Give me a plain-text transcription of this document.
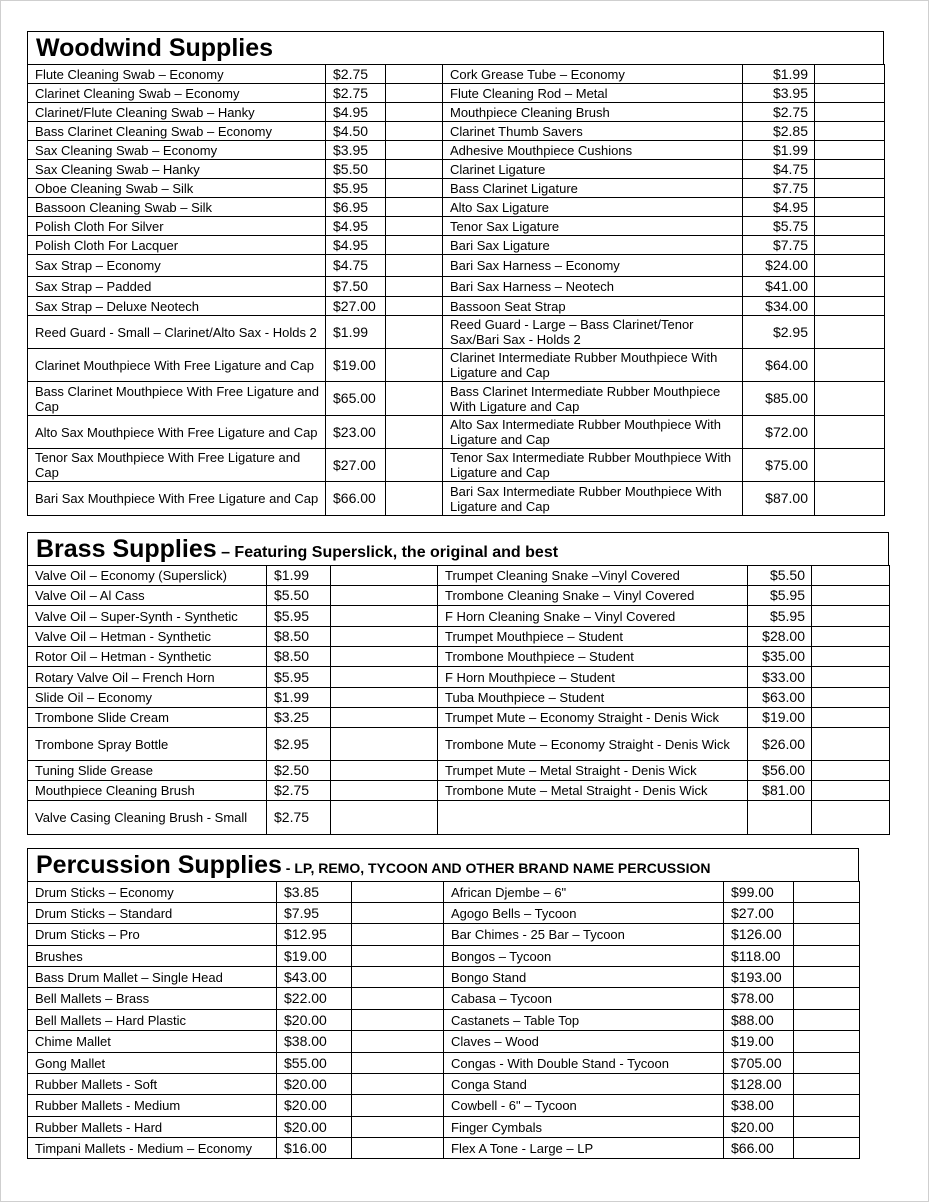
Woodwind Supplies
Flute Cleaning Swab – Economy	$2.75		Cork Grease Tube – Economy	$1.99	
Clarinet Cleaning Swab – Economy	$2.75		Flute Cleaning Rod – Metal	$3.95	
Clarinet/Flute Cleaning Swab – Hanky	$4.95		Mouthpiece Cleaning Brush	$2.75	
Bass Clarinet Cleaning Swab – Economy	$4.50		Clarinet Thumb Savers	$2.85	
Sax Cleaning Swab – Economy	$3.95		Adhesive Mouthpiece Cushions	$1.99	
Sax Cleaning Swab – Hanky	$5.50		Clarinet Ligature	$4.75	
Oboe Cleaning Swab – Silk	$5.95		Bass Clarinet Ligature	$7.75	
Bassoon Cleaning Swab – Silk	$6.95		Alto Sax Ligature	$4.95	
Polish Cloth For Silver	$4.95		Tenor Sax Ligature	$5.75	
Polish Cloth For Lacquer	$4.95		Bari Sax Ligature	$7.75	
Sax Strap – Economy	$4.75		Bari Sax Harness – Economy	$24.00	
Sax Strap – Padded	$7.50		Bari Sax Harness – Neotech	$41.00	
Sax Strap – Deluxe Neotech	$27.00		Bassoon Seat Strap	$34.00	
Reed Guard - Small – Clarinet/Alto Sax - Holds 2	$1.99		Reed Guard - Large – Bass Clarinet/Tenor Sax/Bari Sax - Holds 2	$2.95	
Clarinet Mouthpiece With Free Ligature and Cap	$19.00		Clarinet Intermediate Rubber Mouthpiece With Ligature and Cap	$64.00	
Bass Clarinet Mouthpiece With Free Ligature and Cap	$65.00		Bass Clarinet Intermediate Rubber Mouthpiece With Ligature and Cap	$85.00	
Alto Sax Mouthpiece With Free Ligature and Cap	$23.00		Alto Sax Intermediate Rubber Mouthpiece With Ligature and Cap	$72.00	
Tenor Sax Mouthpiece With Free Ligature and Cap	$27.00		Tenor Sax Intermediate Rubber Mouthpiece With Ligature and Cap	$75.00	
Bari Sax Mouthpiece With Free Ligature and Cap	$66.00		Bari Sax Intermediate Rubber Mouthpiece With Ligature and Cap	$87.00	
Brass Supplies – Featuring Superslick, the original and best
Valve Oil – Economy (Superslick)	$1.99		Trumpet Cleaning Snake –Vinyl Covered	$5.50	
Valve Oil – Al Cass	$5.50		Trombone Cleaning Snake – Vinyl Covered	$5.95	
Valve Oil – Super-Synth - Synthetic	$5.95		F Horn Cleaning Snake – Vinyl Covered	$5.95	
Valve Oil – Hetman - Synthetic	$8.50		Trumpet Mouthpiece – Student	$28.00	
Rotor Oil – Hetman - Synthetic	$8.50		Trombone Mouthpiece – Student	$35.00	
Rotary Valve Oil – French Horn	$5.95		F Horn Mouthpiece – Student	$33.00	
Slide Oil – Economy	$1.99		Tuba Mouthpiece – Student	$63.00	
Trombone Slide Cream	$3.25		Trumpet Mute – Economy Straight - Denis Wick	$19.00	
Trombone Spray Bottle	$2.95		Trombone Mute – Economy Straight - Denis Wick	$26.00	
Tuning Slide Grease	$2.50		Trumpet Mute – Metal Straight - Denis Wick	$56.00	
Mouthpiece Cleaning Brush	$2.75		Trombone Mute – Metal Straight - Denis Wick	$81.00	
Valve Casing Cleaning Brush - Small	$2.75				
Percussion Supplies - LP, REMO, TYCOON AND OTHER BRAND NAME PERCUSSION
Drum Sticks – Economy	$3.85		African Djembe – 6"	$99.00	
Drum Sticks – Standard	$7.95		Agogo Bells – Tycoon	$27.00	
Drum Sticks – Pro	$12.95		Bar Chimes - 25 Bar – Tycoon	$126.00	
Brushes	$19.00		Bongos – Tycoon	$118.00	
Bass Drum Mallet – Single Head	$43.00		Bongo Stand	$193.00	
Bell Mallets – Brass	$22.00		Cabasa – Tycoon	$78.00	
Bell Mallets – Hard Plastic	$20.00		Castanets – Table Top	$88.00	
Chime Mallet	$38.00		Claves – Wood	$19.00	
Gong Mallet	$55.00		Congas - With Double Stand - Tycoon	$705.00	
Rubber Mallets - Soft	$20.00		Conga Stand	$128.00	
Rubber Mallets - Medium	$20.00		Cowbell - 6" – Tycoon	$38.00	
Rubber Mallets - Hard	$20.00		Finger Cymbals	$20.00	
Timpani Mallets - Medium – Economy	$16.00		Flex A Tone - Large – LP	$66.00	
